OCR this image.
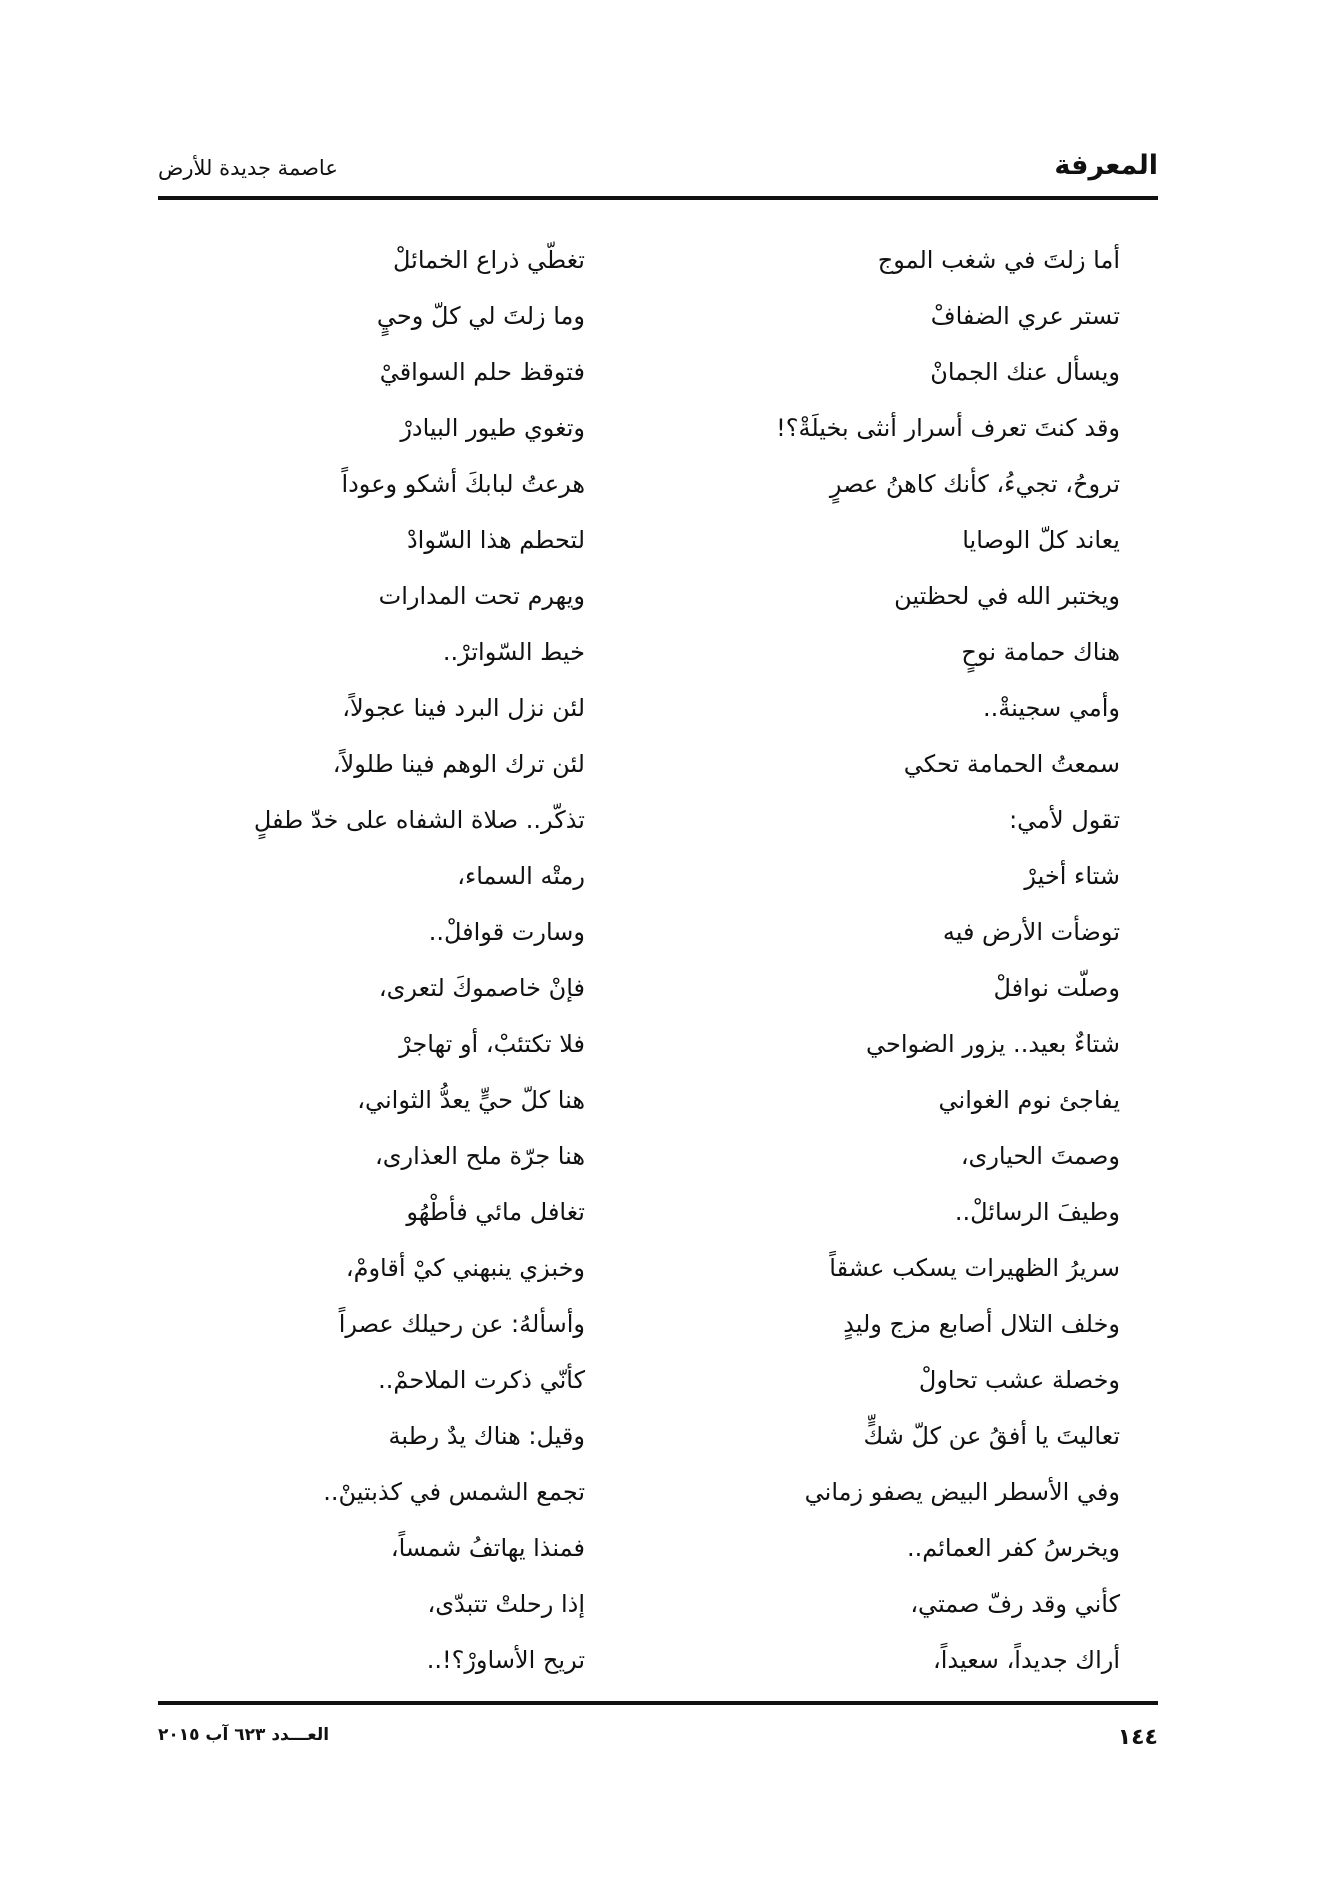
عاصمة جديدة للأرض	المعرفة
أما زلتَ في شغب الموج
تستر عري الضفافْ
ويسأل عنك الجمانْ
وقد كنتَ تعرف أسرار أنثى بخيلَةْ؟!
تروحُ، تجيءُ، كأنك كاهنُ عصرٍ
يعاند كلّ الوصايا
ويختبر الله في لحظتين
هناك حمامة نوحٍ
وأمي سجينةْ..
سمعتُ الحمامة تحكي
تقول لأمي:
شتاء أخيرْ
توضأت الأرض فيه
وصلّت نوافلْ
شتاءٌ بعيد.. يزور الضواحي
يفاجئ نوم الغواني
وصمتَ الحيارى،
وطيفَ الرسائلْ..
سريرُ الظهيرات يسكب عشقاً
وخلف التلال أصابع مزج وليدٍ
وخصلة عشب تحاولْ
تعاليتَ يا أفقُ عن كلّ شكٍّ
وفي الأسطر البيض يصفو زماني
ويخرسُ كفر العمائم..
كأني وقد رفّ صمتي،
أراك جديداً، سعيداً،
تغطّي ذراع الخمائلْ
وما زلتَ لي كلّ وحيٍ
فتوقظ حلم السواقيْ
وتغوي طيور البيادرْ
هرعتُ لبابكَ أشكو وعوداً
لتحطم هذا السّوادْ
ويهرم تحت المدارات
خيط السّواترْ..
لئن نزل البرد فينا عجولاً،
لئن ترك الوهم فينا طلولاً،
تذكّر.. صلاة الشفاه على خدّ طفلٍ
رمتْه السماء،
وسارت قوافلْ..
فإنْ خاصموكَ لتعرى،
فلا تكتئبْ، أو تهاجرْ
هنا كلّ حيٍّ يعدُّ الثواني،
هنا جرّة ملح العذارى،
تغافل مائي فأطْهُو
وخبزي ينبهني كيْ أقاومْ،
وأسألهُ: عن رحيلك عصراً
كأنّي ذكرت الملاحمْ..
وقيل: هناك يدٌ رطبة
تجمع الشمس في كذبتينْ..
فمنذا يهاتفُ شمساً،
إذا رحلتْ تتبدّى،
تريح الأساورْ؟!..
العـــدد ٦٢٣ آب ٢٠١٥	١٤٤
